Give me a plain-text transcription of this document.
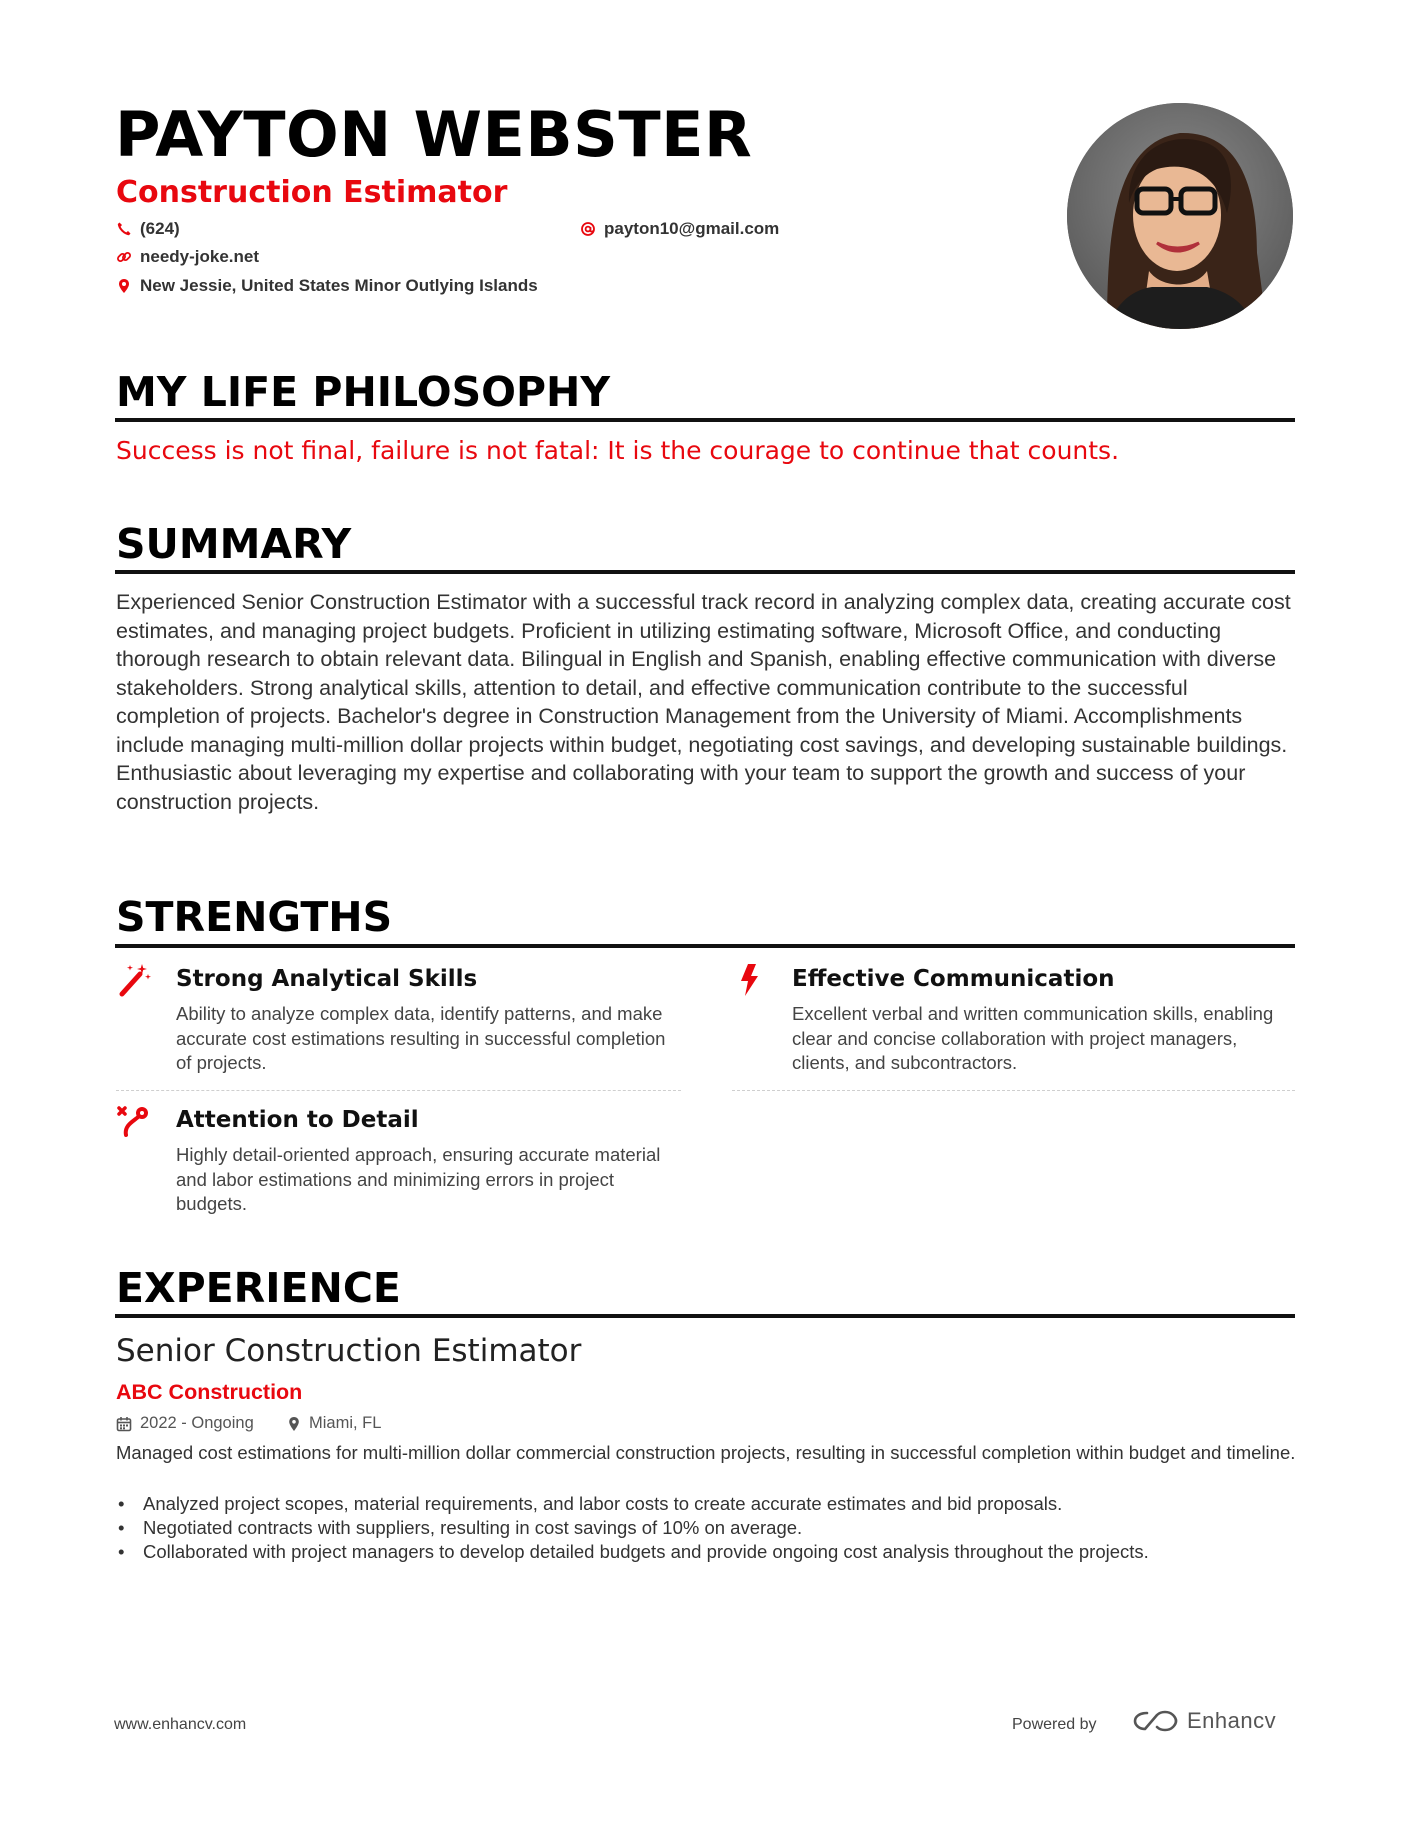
PAYTON WEBSTER
Construction Estimator
(624)	payton10@gmail.com
needy-joke.net
New Jessie, United States Minor Outlying Islands
MY LIFE PHILOSOPHY
Success is not final, failure is not fatal: It is the courage to continue that counts.
SUMMARY
Experienced Senior Construction Estimator with a successful track record in analyzing complex data, creating accurate cost estimates, and managing project budgets. Proficient in utilizing estimating software, Microsoft Office, and conducting thorough research to obtain relevant data. Bilingual in English and Spanish, enabling effective communication with diverse stakeholders. Strong analytical skills, attention to detail, and effective communication contribute to the successful completion of projects. Bachelor's degree in Construction Management from the University of Miami. Accomplishments include managing multi-million dollar projects within budget, negotiating cost savings, and developing sustainable buildings. Enthusiastic about leveraging my expertise and collaborating with your team to support the growth and success of your construction projects.
STRENGTHS
Strong Analytical Skills
Ability to analyze complex data, identify patterns, and make accurate cost estimations resulting in successful completion of projects.
Effective Communication
Excellent verbal and written communication skills, enabling clear and concise collaboration with project managers, clients, and subcontractors.
Attention to Detail
Highly detail-oriented approach, ensuring accurate material and labor estimations and minimizing errors in project budgets.
EXPERIENCE
Senior Construction Estimator
ABC Construction
2022 - Ongoing	Miami, FL
Managed cost estimations for multi-million dollar commercial construction projects, resulting in successful completion within budget and timeline.
• Analyzed project scopes, material requirements, and labor costs to create accurate estimates and bid proposals.
• Negotiated contracts with suppliers, resulting in cost savings of 10% on average.
• Collaborated with project managers to develop detailed budgets and provide ongoing cost analysis throughout the projects.
www.enhancv.com	Powered by	Enhancv
